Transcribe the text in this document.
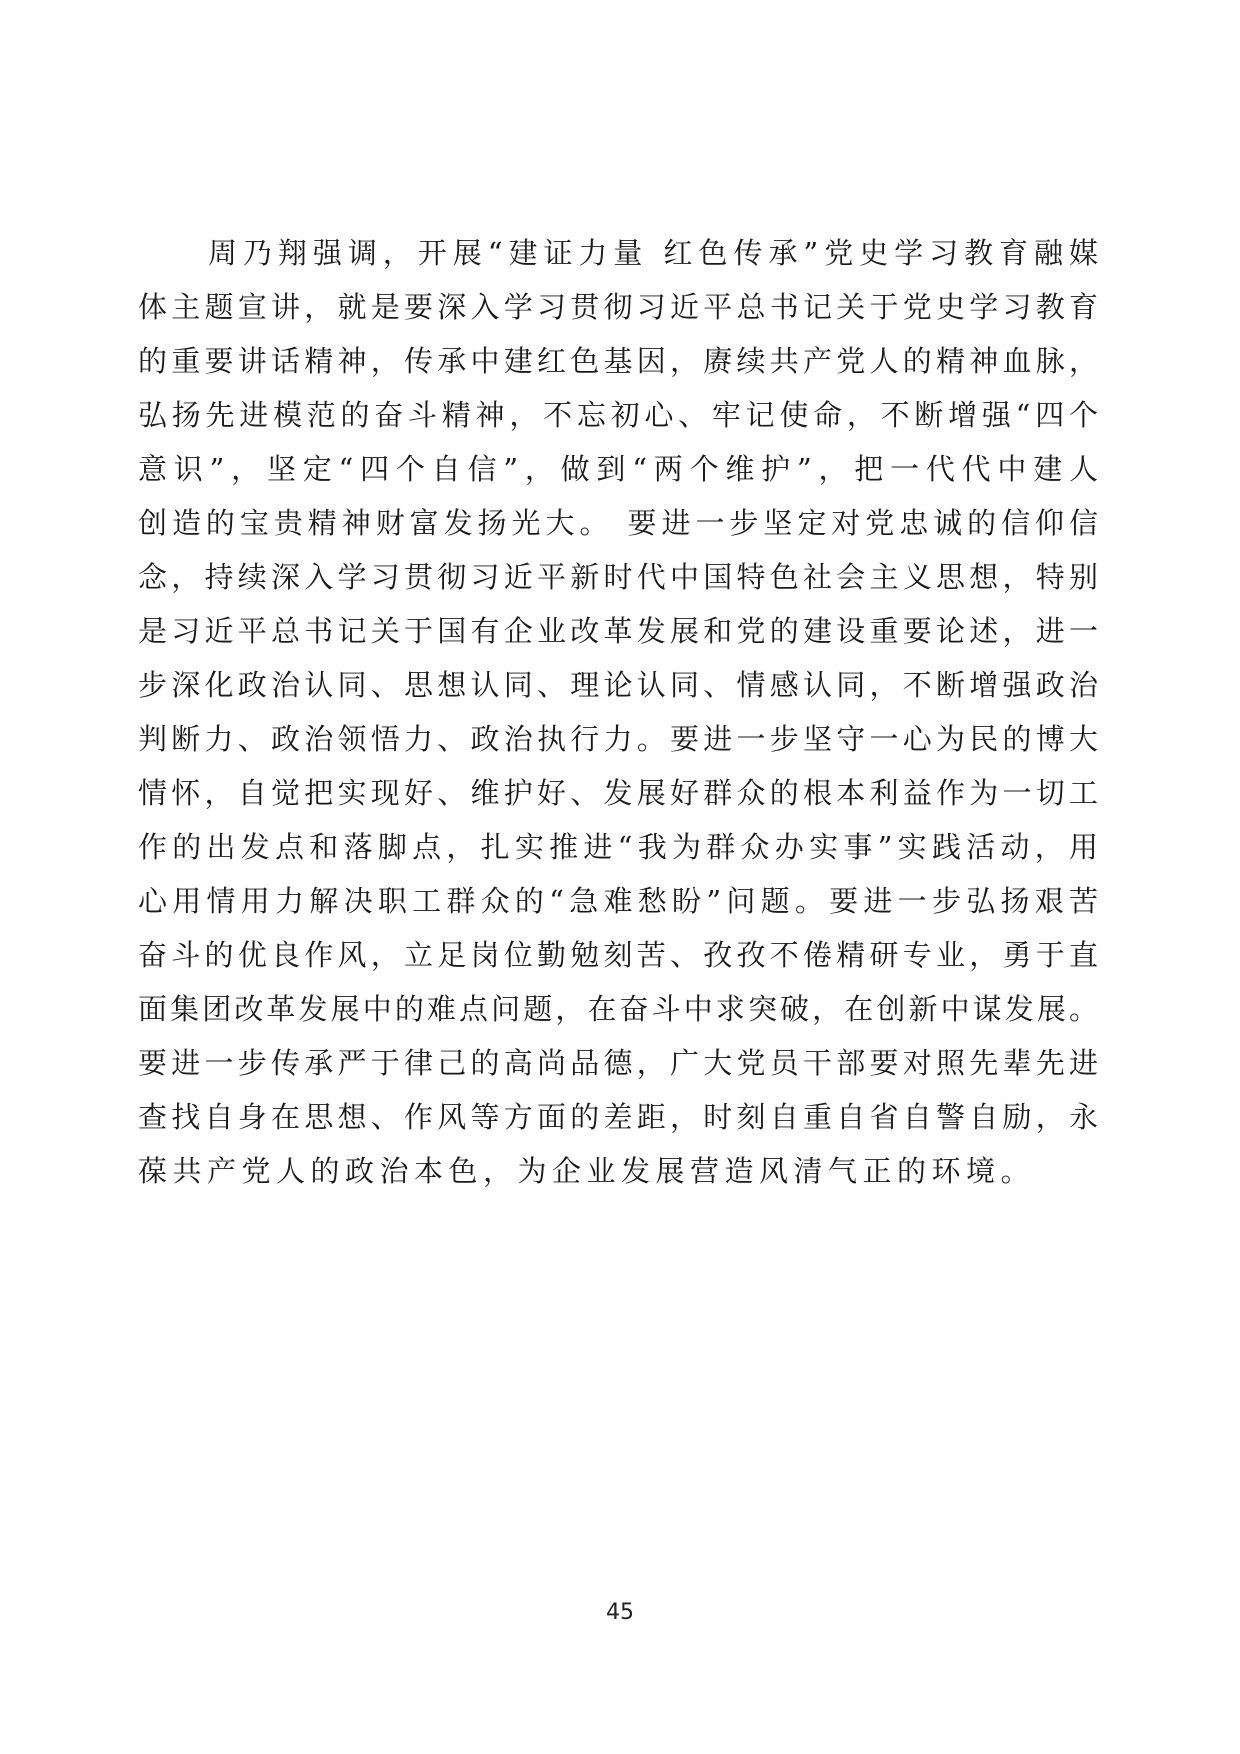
　　周乃翔强调，开展“建证力量 红色传承”党史学习教育融媒
体主题宣讲，就是要深入学习贯彻习近平总书记关于党史学习教育
的重要讲话精神，传承中建红色基因，赓续共产党人的精神血脉，
弘扬先进模范的奋斗精神，不忘初心、牢记使命，不断增强“四个
意识”，坚定“四个自信”，做到“两个维护”，把一代代中建人
创造的宝贵精神财富发扬光大。 要进一步坚定对党忠诚的信仰信
念，持续深入学习贯彻习近平新时代中国特色社会主义思想，特别
是习近平总书记关于国有企业改革发展和党的建设重要论述，进一
步深化政治认同、思想认同、理论认同、情感认同，不断增强政治
判断力、政治领悟力、政治执行力。要进一步坚守一心为民的博大
情怀，自觉把实现好、维护好、发展好群众的根本利益作为一切工
作的出发点和落脚点，扎实推进“我为群众办实事”实践活动，用
心用情用力解决职工群众的“急难愁盼”问题。要进一步弘扬艰苦
奋斗的优良作风，立足岗位勤勉刻苦、孜孜不倦精研专业，勇于直
面集团改革发展中的难点问题，在奋斗中求突破，在创新中谋发展。
要进一步传承严于律己的高尚品德，广大党员干部要对照先辈先进
查找自身在思想、作风等方面的差距，时刻自重自省自警自励，永
葆共产党人的政治本色，为企业发展营造风清气正的环境。
45
